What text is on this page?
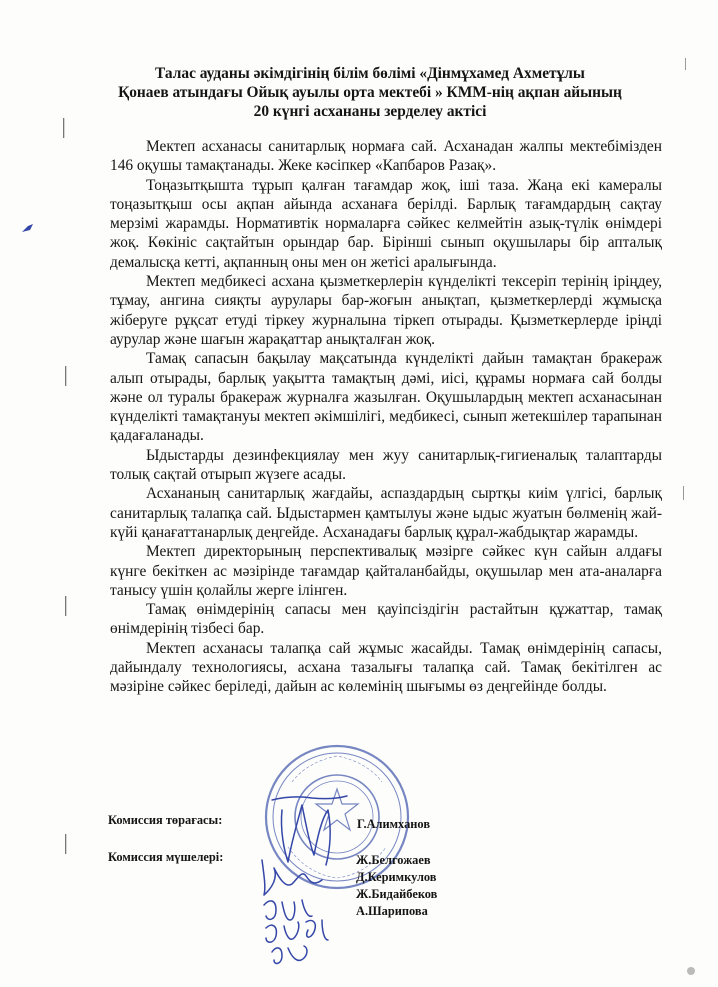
Талас ауданы әкімдігінің білім бөлімі «Дінмұхамед Ахметұлы
Қонаев атындағы Ойық ауылы орта мектебі » КММ-нің ақпан айының
20 күнгі асхананы зерделеу актісі

Мектеп асханасы санитарлық нормаға сай. Асханадан жалпы мектебімізден 146 оқушы тамақтанады. Жеке кәсіпкер «Капбаров Разақ».

Тоңазытқышта тұрып қалған тағамдар жоқ, іші таза. Жаңа екі камералы тоңазытқыш осы ақпан айында асханаға берілді. Барлық тағамдардың сақтау мерзімі жарамды. Нормативтік нормаларға сәйкес келмейтін азық-түлік өнімдері жоқ. Көкініс сақтайтын орындар бар. Бірінші сынып оқушылары бір апталық демалысқа кетті, ақпанның оны мен он жетісі аралығында.

Мектеп медбикесі асхана қызметкерлерін күнделікті тексеріп терінің іріңдеу, тұмау, ангина сияқты аурулары бар-жоғын анықтап, қызметкерлерді жұмысқа жіберуге рұқсат етуді тіркеу журналына тіркеп отырады. Қызметкерлерде іріңді аурулар және шағын жарақаттар анықталған жоқ.

Тамақ сапасын бақылау мақсатында күнделікті дайын тамақтан бракераж алып отырады, барлық уақытта тамақтың дәмі, иісі, құрамы нормаға сай болды және ол туралы бракераж журналға жазылған. Оқушылардың мектеп асханасынан күнделікті тамақтануы мектеп әкімшілігі, медбикесі, сынып жетекшілер тарапынан қадағаланады.

Ыдыстарды дезинфекциялау мен жуу санитарлық-гигиеналық талаптарды толық сақтай отырып жүзеге асады.

Асхананың санитарлық жағдайы, аспаздардың сыртқы киім үлгісі, барлық санитарлық талапқа сай. Ыдыстармен қамтылуы және ыдыс жуатын бөлменің жай-күйі қанағаттанарлық деңгейде. Асханадағы барлық құрал-жабдықтар жарамды.

Мектеп директорының перспективалық мәзірге сәйкес күн сайын алдағы күнге бекіткен ас мәзірінде тағамдар қайталанбайды, оқушылар мен ата-аналарға танысу үшін қолайлы жерге ілінген.

Тамақ өнімдерінің сапасы мен қауіпсіздігін растайтын құжаттар, тамақ өнімдерінің тізбесі бар.

Мектеп асханасы талапқа сай жұмыс жасайды. Тамақ өнімдерінің сапасы, дайындалу технологиясы, асхана тазалығы талапқа сай. Тамақ бекітілген ас мәзіріне сәйкес беріледі, дайын ас көлемінің шығымы өз деңгейінде болды.

Комиссия төрағасы:	Г.Алимханов
Комиссия мүшелері:	Ж.Белгожаев
Д.Керимкулов
Ж.Бидайбеков
А.Шарипова
